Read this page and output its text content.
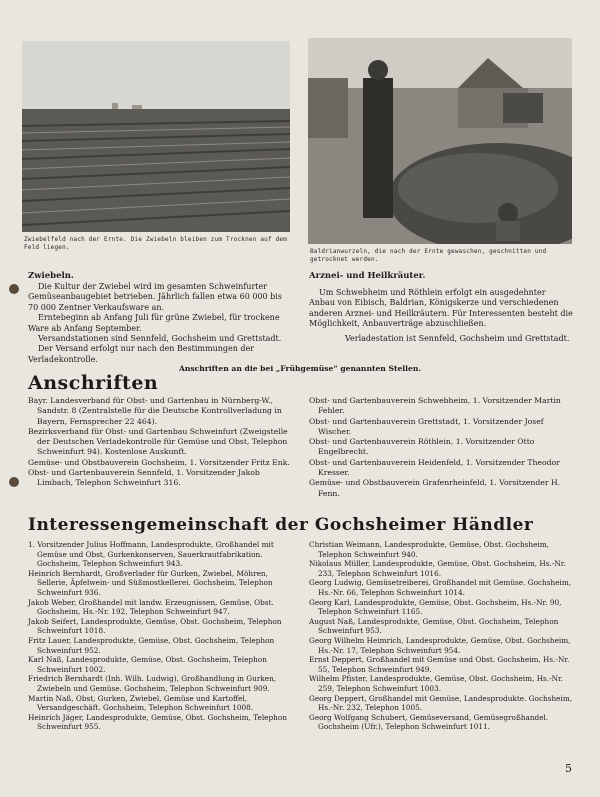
Zwiebelfeld nach der Ernte. Die Zwiebeln bleiben zum Trocknen auf dem Feld liegen.
Baldrianwurzeln, die nach der Ernte gewaschen, geschnitten und getrocknet werden.
Zwiebeln.

Die Kultur der Zwiebel wird im gesamten Schweinfurter Gemüseanbaugebiet betrieben. Jährlich fallen etwa 60 000 bis 70 000 Zentner Verkaufsware an.

Erntebeginn ab Anfang Juli für grüne Zwiebel, für trockene Ware ab Anfang September.

Versandstationen sind Sennfeld, Gochsheim und Grettstadt.

Der Versand erfolgt nur nach den Bestimmungen der Verladekontrolle.

Arznei- und Heilkräuter.

Um Schwebheim und Röthlein erfolgt ein ausgedehnter Anbau von Eibisch, Baldrian, Königskerze und verschiedenen anderen Arznei- und Heilkräutern. Für Interessenten besteht die Möglichkeit, Anbauverträge abzuschließen.

Verladestation ist Sennfeld, Gochsheim und Grettstadt.

Anschriften an die bei „Frühgemüse“ genannten Stellen.
Anschriften
Bayr. Landesverband für Obst- und Gartenbau in Nürnberg-W., Sandstr. 8 (Zentralstelle für die Deutsche Kontrollverladung in Bayern, Fernsprecher 22 464).
Bezirksverband für Obst- und Gartenbau Schweinfurt (Zweigstelle der Deutschen Verladekontrolle für Gemüse und Obst, Telephon Schweinfurt 94). Kostenlose Auskunft.
Gemüse- und Obstbauverein Gochsheim, 1. Vorsitzender Fritz Enk.
Obst- und Gartenbauverein Sennfeld, 1. Vorsitzender Jakob Limbach, Telephon Schweinfurt 316.
Obst- und Gartenbauverein Schwebheim, 1. Vorsitzender Martin Fehler.
Obst- und Gartenbauverein Grettstadt, 1. Vorsitzender Josef Wischer.
Obst- und Gartenbauverein Röthlein, 1. Vorsitzender Otto Engelbrecht.
Obst- und Gartenbauverein Heidenfeld, 1. Vorsitzender Theodor Kresser.
Gemüse- und Obstbauverein Grafenrheinfeld, 1. Vorsitzender H. Fenn.
Interessengemeinschaft der Gochsheimer Händler
1. Vorsitzender Julius Hoffmann, Landesprodukte, Großhandel mit Gemüse und Obst, Gurkenkonserven, Sauerkrautfabrikation. Gochsheim, Telephon Schweinfurt 943.
Heinrich Bernhardt, Großverlader für Gurken, Zwiebel, Möhren, Sellerie, Äpfelwein- und Süßmostkellerei. Gochsheim, Telephon Schweinfurt 936.
Jakob Weber, Großhandel mit landw. Erzeugnissen, Gemüse, Obst. Gochsheim, Hs.-Nr. 192, Telephon Schweinfurt 947.
Jakob Seifert, Landesprodukte, Gemüse, Obst. Gochsheim, Telephon Schweinfurt 1018.
Fritz Lauer, Landesprodukte, Gemüse, Obst. Gochsheim, Telephon Schweinfurt 952.
Karl Naß, Landesprodukte, Gemüse, Obst. Gochsheim, Telephon Schweinfurt 1002.
Friedrich Bernhardt (Inh. Wilh. Ludwig), Großhandlung in Gurken, Zwiebeln und Gemüse. Gochsheim, Telephon Schweinfurt 909.
Martin Naß, Obst, Gurken, Zwiebel, Gemüse und Kartoffel, Versandgeschäft. Gochsheim, Telephon Schweinfurt 1008.
Heinrich Jäger, Landesprodukte, Gemüse, Obst. Gochsheim, Telephon Schweinfurt 955.
Christian Weimann, Landesprodukte, Gemüse, Obst. Gochsheim, Telephon Schweinfurt 940.
Nikolaus Müller, Landesprodukte, Gemüse, Obst. Gochsheim, Hs.-Nr. 233, Telephon Schweinfurt 1016.
Georg Ludwig, Gemüsetreiberei, Großhandel mit Gemüse. Gochsheim, Hs.-Nr. 66, Telephon Schweinfurt 1014.
Georg Karl, Landesprodukte, Gemüse, Obst. Gochsheim, Hs.-Nr. 90, Telephon Schweinfurt 1165.
August Naß, Landesprodukte, Gemüse, Obst. Gochsheim, Telephon Schweinfurt 953.
Georg Wilhelm Heimrich, Landesprodukte, Gemüse, Obst. Gochsheim, Hs.-Nr. 17, Telephon Schweinfurt 954.
Ernst Deppert, Großhandel mit Gemüse und Obst. Gochsheim, Hs.-Nr. 55, Telephon Schweinfurt 949.
Wilhelm Pfister, Landesprodukte, Gemüse, Obst. Gochsheim, Hs.-Nr. 259, Telephon Schweinfurt 1003.
Georg Deppert, Großhandel mit Gemüse, Landesprodukte. Gochsheim, Hs.-Nr. 232, Telephon 1005.
Georg Wolfgang Schubert, Gemüseversand, Gemüsegroßhandel. Gochsheim (Ufr.), Telephon Schweinfurt 1011.
5
